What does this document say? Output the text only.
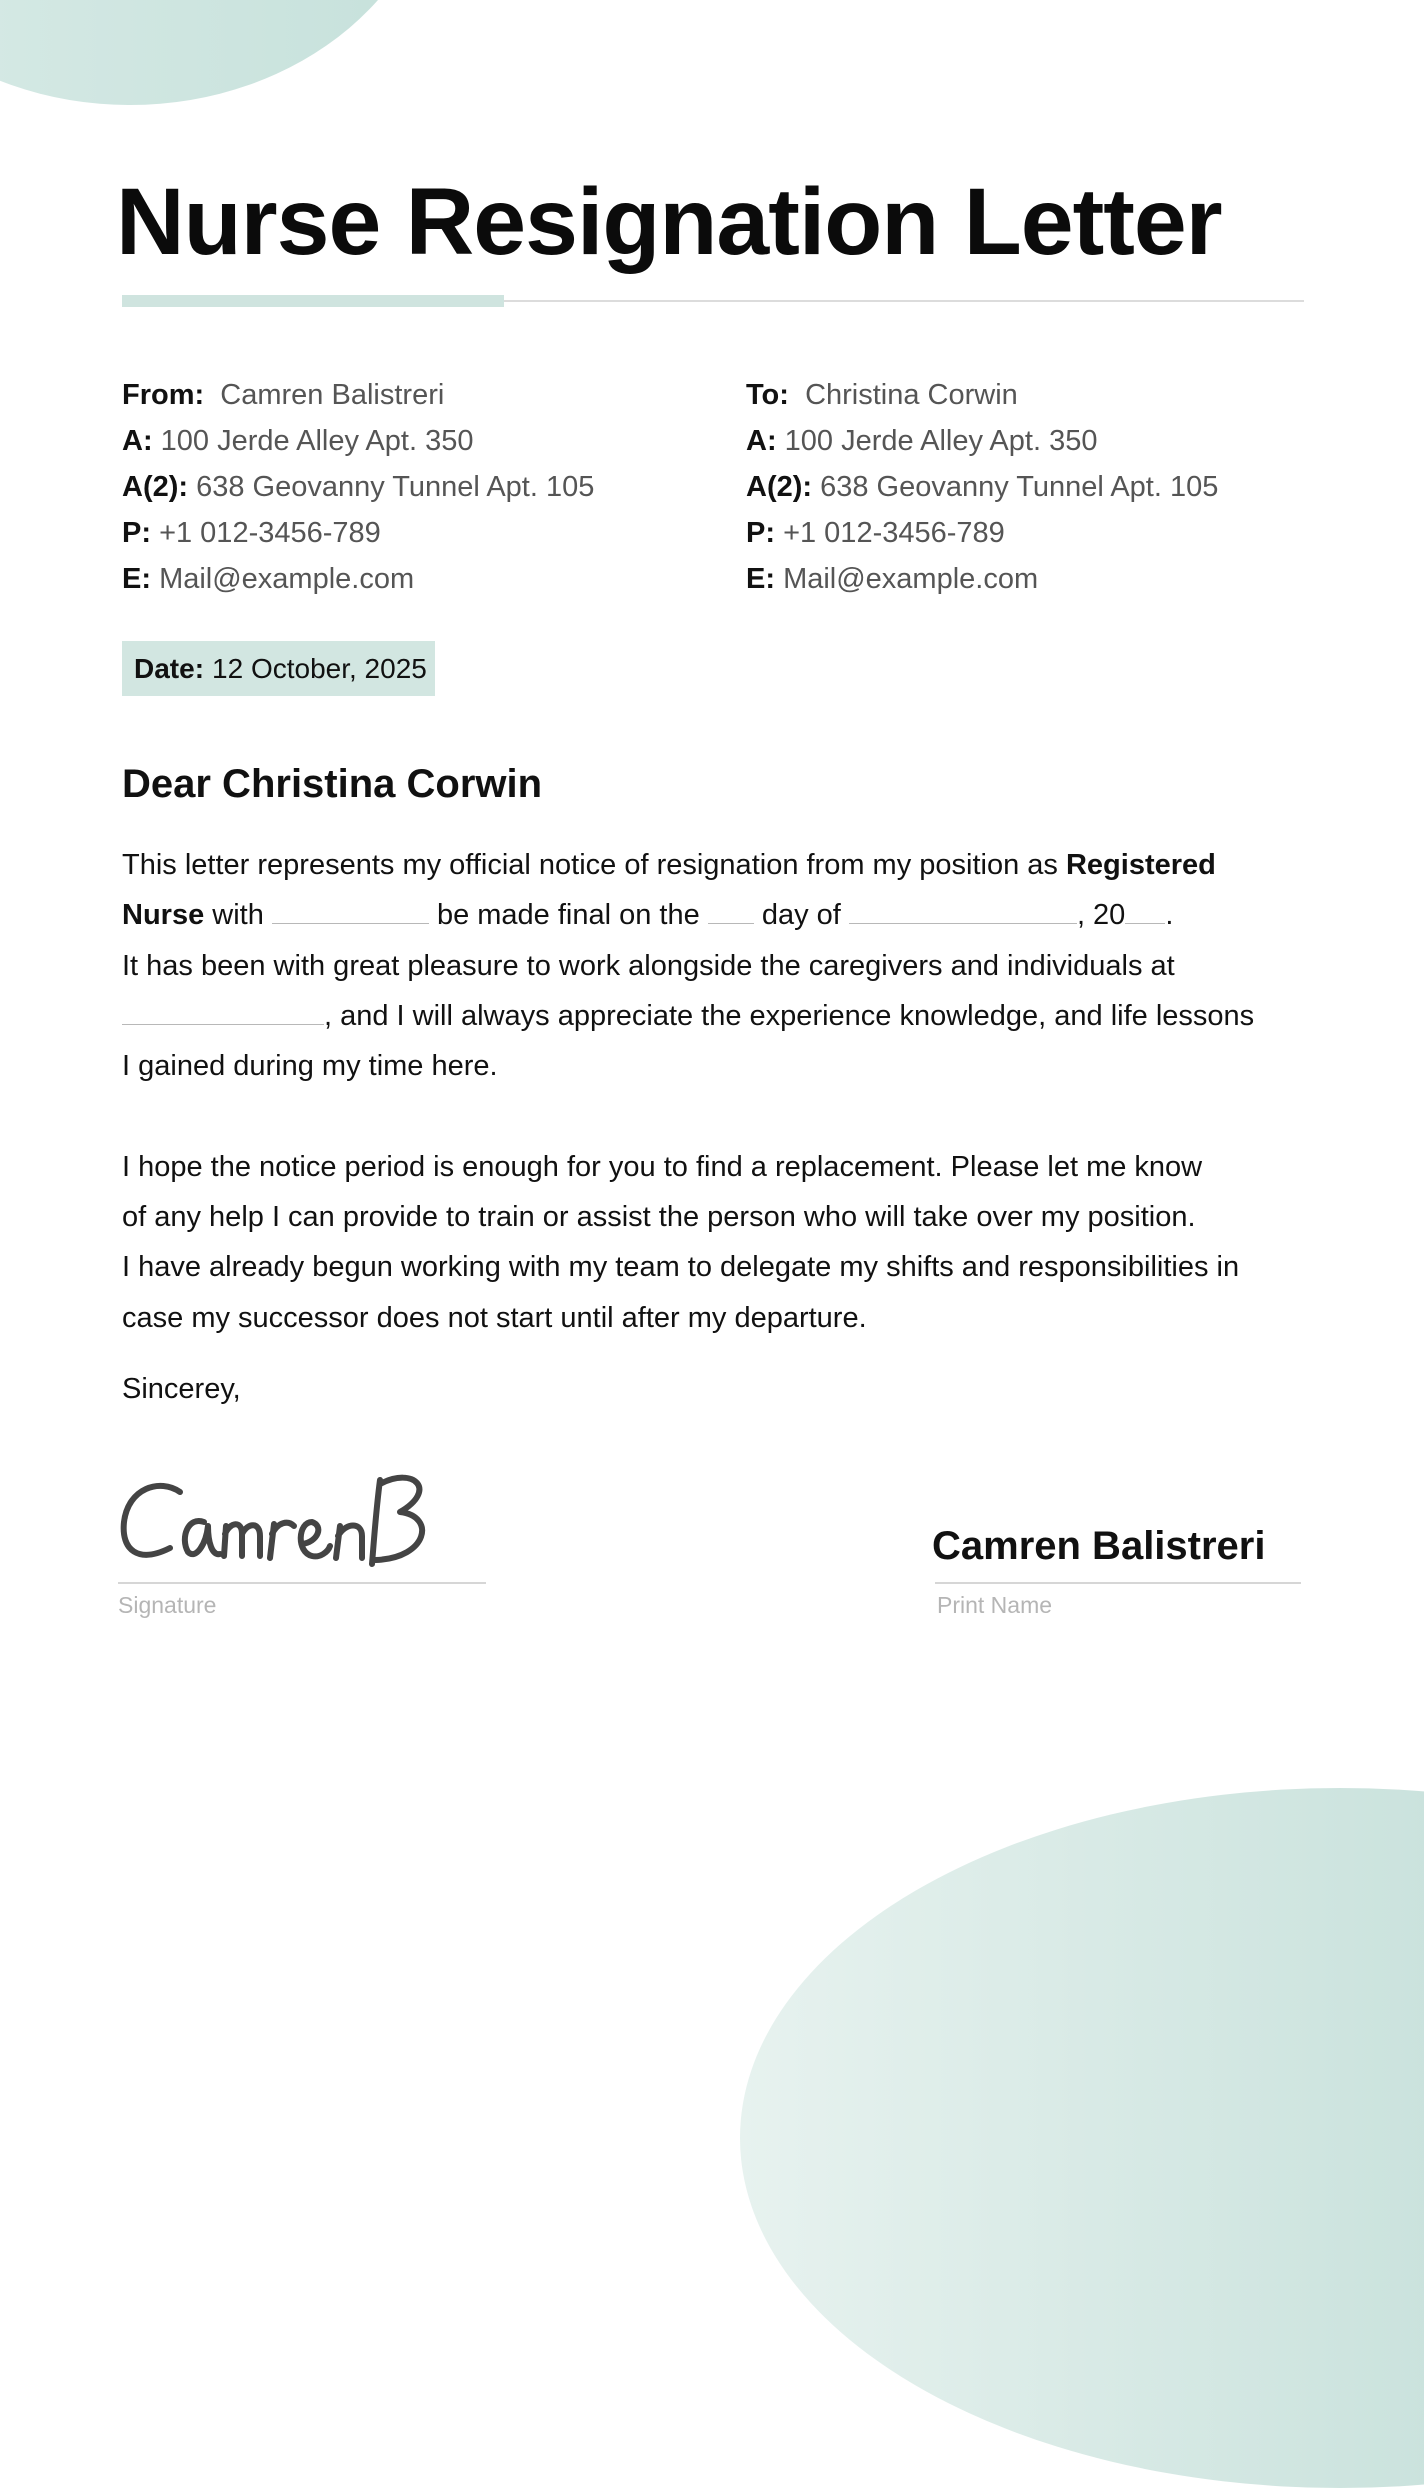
Nurse Resignation Letter
From: Camren Balistreri
A: 100 Jerde Alley Apt. 350
A(2): 638 Geovanny Tunnel Apt. 105
P: +1 012-3456-789
E: Mail@example.com
To: Christina Corwin
A: 100 Jerde Alley Apt. 350
A(2): 638 Geovanny Tunnel Apt. 105
P: +1 012-3456-789
E: Mail@example.com
Date: 12 October, 2025
Dear Christina Corwin
This letter represents my official notice of resignation from my position as Registered
Nurse with	be made final on the  day of	, 20 .
It has been with great pleasure to work alongside the caregivers and individuals at
, and I will always appreciate the experience knowledge, and life lessons
I gained during my time here.
I hope the notice period is enough for you to find a replacement. Please let me know
of any help I can provide to train or assist the person who will take over my position.
I have already begun working with my team to delegate my shifts and responsibilities in
case my successor does not start until after my departure.
Sincerey,
Signature
Camren Balistreri
Print Name
